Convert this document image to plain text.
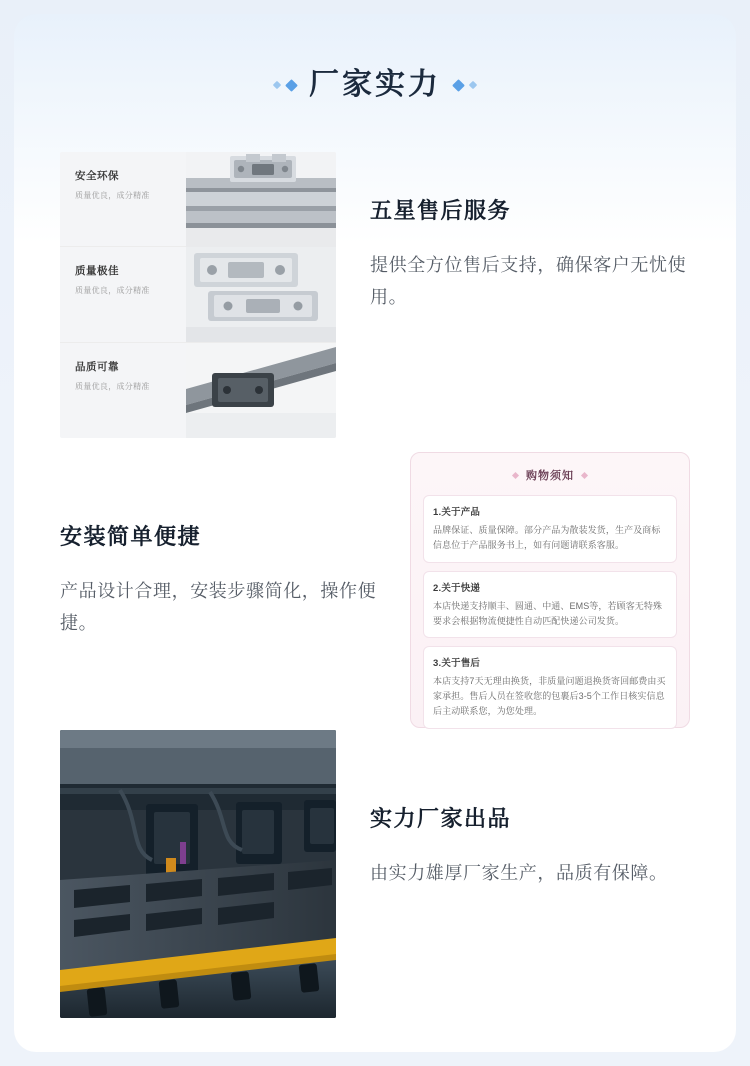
厂家实力
安全环保
质量优良，成分精准
质量极佳
质量优良，成分精准
品质可靠
质量优良，成分精准
五星售后服务

提供全方位售后支持，确保客户无忧使用。

安装简单便捷

产品设计合理，安装步骤简化，操作便捷。

购物须知
1.关于产品
品牌保证、质量保障。部分产品为散装发货，生产及商标信息位于产品服务书上，如有问题请联系客服。
2.关于快递
本店快递支持顺丰、圆通、中通、EMS等，若顾客无特殊要求会根据物流便捷性自动匹配快递公司发货。
3.关于售后
本店支持7天无理由换货，非质量问题退换货寄回邮费由买家承担。售后人员在签收您的包裹后3-5个工作日核实信息后主动联系您，为您处理。
实力厂家出品

由实力雄厚厂家生产，品质有保障。
